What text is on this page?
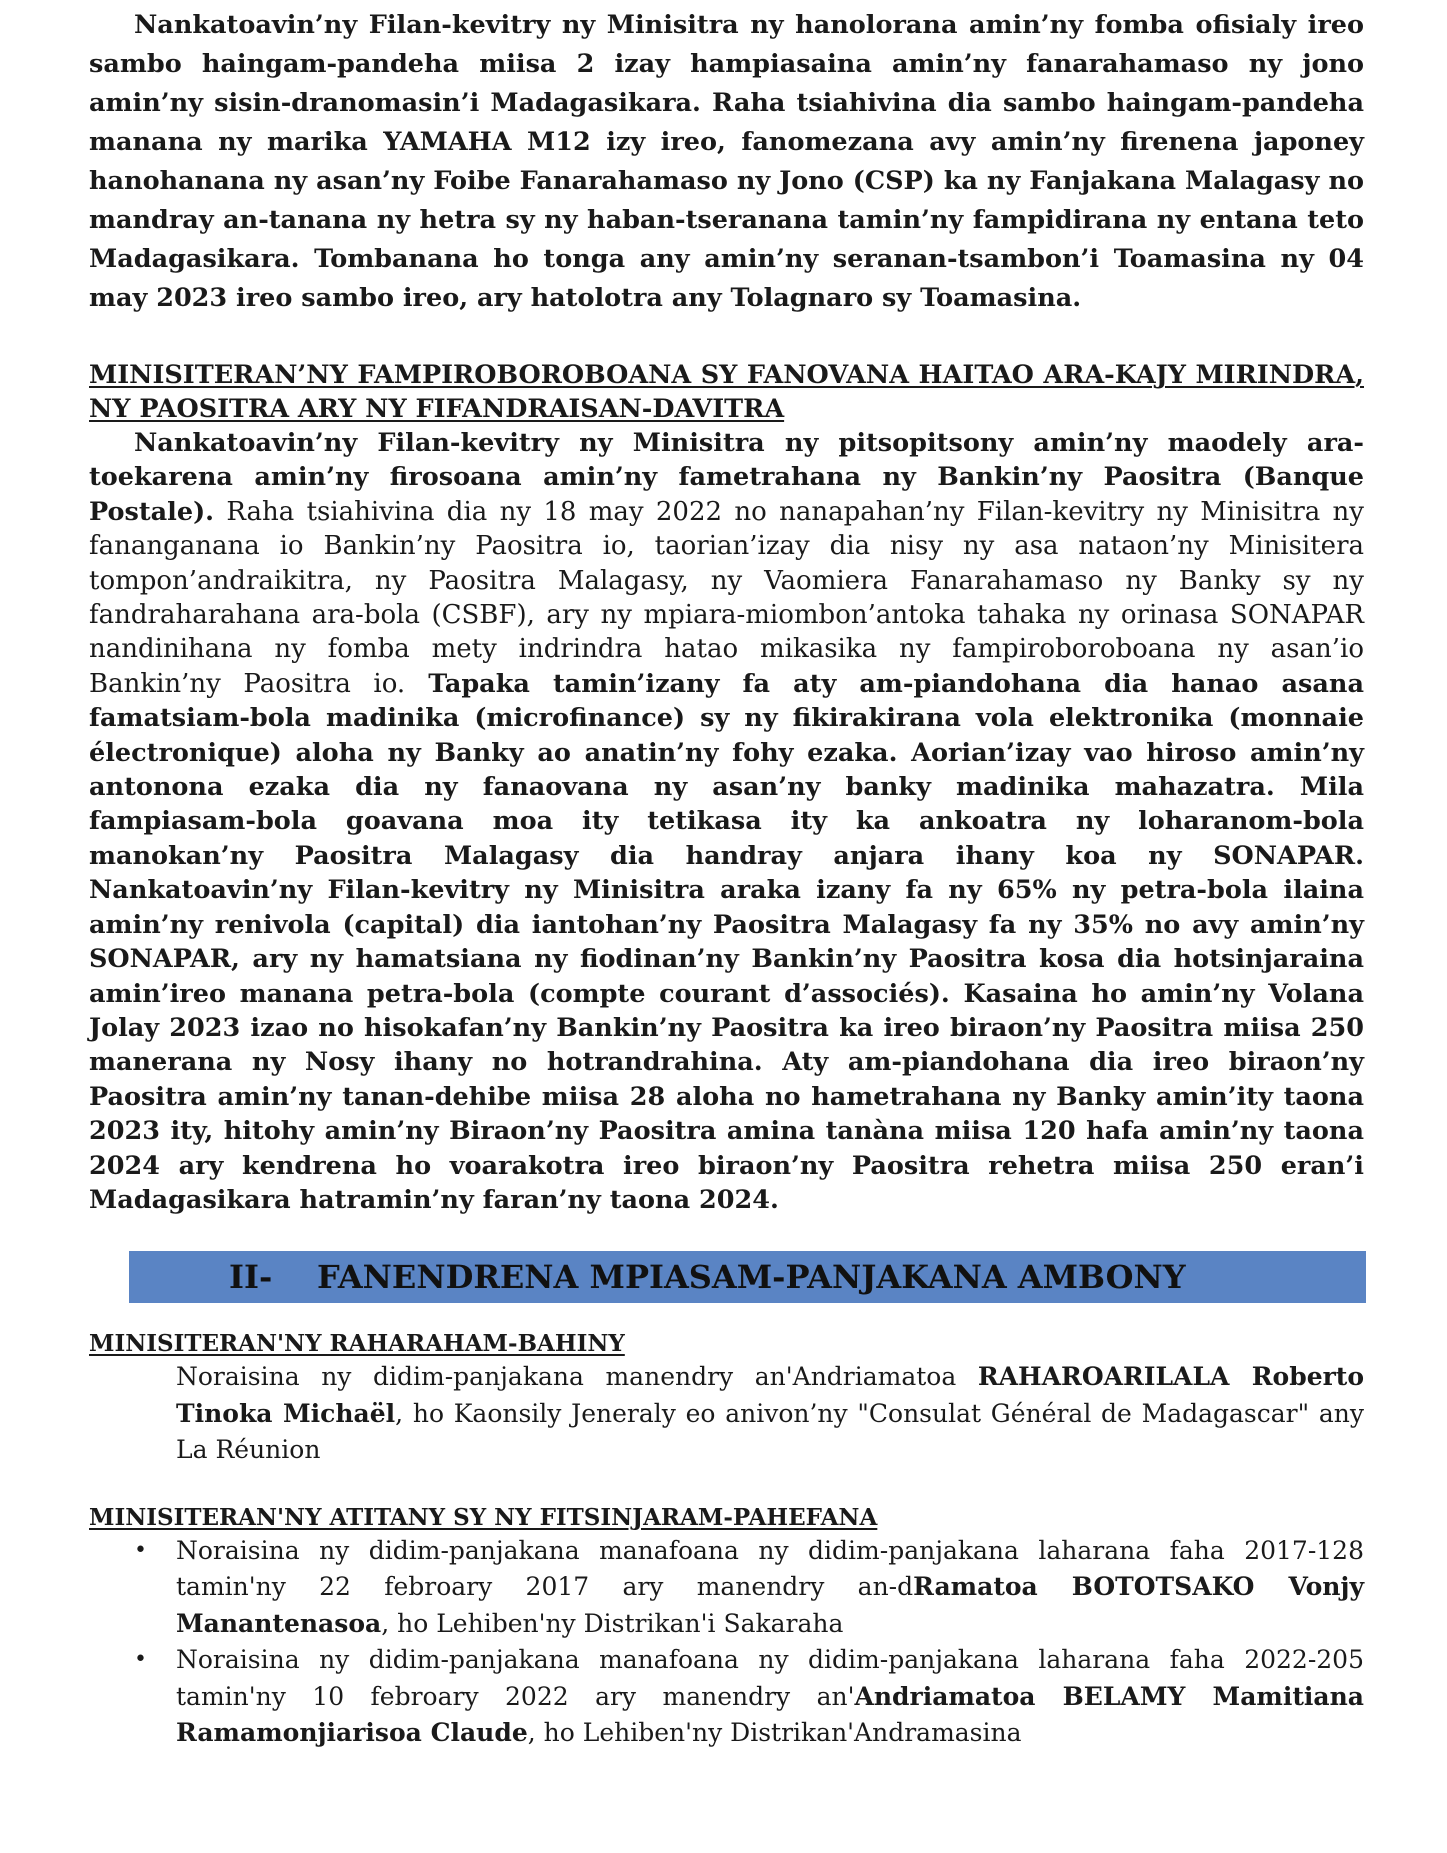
Nankatoavin’ny Filan-kevitry ny Minisitra ny hanolorana amin’ny fomba ofisialy ireo sambo haingam-pandeha miisa 2 izay hampiasaina amin’ny fanarahamaso ny jono amin’ny sisin-dranomasin’i Madagasikara. Raha tsiahivina dia sambo haingam-pandeha manana ny marika YAMAHA M12 izy ireo, fanomezana avy amin’ny firenena japoney hanohanana ny asan’ny Foibe Fanarahamaso ny Jono (CSP) ka ny Fanjakana Malagasy no mandray an-tanana ny hetra sy ny haban-tseranana tamin’ny fampidirana ny entana teto Madagasikara. Tombanana ho tonga any amin’ny seranan-tsambon’i Toamasina ny 04 may 2023 ireo sambo ireo, ary hatolotra any Tolagnaro sy Toamasina.

MINISITERAN’NY FAMPIROBOROBOANA SY FANOVANA HAITAO ARA-KAJY MIRINDRA, NY PAOSITRA ARY NY FIFANDRAISAN-DAVITRA

Nankatoavin’ny Filan-kevitry ny Minisitra ny pitsopitsony amin’ny maodely ara-toekarena amin’ny firosoana amin’ny fametrahana ny Bankin’ny Paositra (Banque Postale). Raha tsiahivina dia ny 18 may 2022 no nanapahan’ny Filan-kevitry ny Minisitra ny fananganana io Bankin’ny Paositra io, taorian’izay dia nisy ny asa nataon’ny Minisitera tompon’andraikitra, ny Paositra Malagasy, ny Vaomiera Fanarahamaso ny Banky sy ny fandraharahana ara-bola (CSBF), ary ny mpiara-miombon’antoka tahaka ny orinasa SONAPAR nandinihana ny fomba mety indrindra hatao mikasika ny fampiroboroboana ny asan’io Bankin’ny Paositra io. Tapaka tamin’izany fa aty am-piandohana dia hanao asana famatsiam-bola madinika (microfinance) sy ny fikirakirana vola elektronika (monnaie électronique) aloha ny Banky ao anatin’ny fohy ezaka. Aorian’izay vao hiroso amin’ny antonona ezaka dia ny fanaovana ny asan’ny banky madinika mahazatra. Mila fampiasam-bola goavana moa ity tetikasa ity ka ankoatra ny loharanom-bola manokan’ny Paositra Malagasy dia handray anjara ihany koa ny SONAPAR. Nankatoavin’ny Filan-kevitry ny Minisitra araka izany fa ny 65% ny petra-bola ilaina amin’ny renivola (capital) dia iantohan’ny Paositra Malagasy fa ny 35% no avy amin’ny SONAPAR, ary ny hamatsiana ny fiodinan’ny Bankin’ny Paositra kosa dia hotsinjaraina amin’ireo manana petra-bola (compte courant d’associés). Kasaina ho amin’ny Volana Jolay 2023 izao no hisokafan’ny Bankin’ny Paositra ka ireo biraon’ny Paositra miisa 250 manerana ny Nosy ihany no hotrandrahina. Aty am-piandohana dia ireo biraon’ny Paositra amin’ny tanan-dehibe miisa 28 aloha no hametrahana ny Banky amin’ity taona 2023 ity, hitohy amin’ny Biraon’ny Paositra amina tanàna miisa 120 hafa amin’ny taona 2024 ary kendrena ho voarakotra ireo biraon’ny Paositra rehetra miisa 250 eran’i Madagasikara hatramin’ny faran’ny taona 2024.

II- FANENDRENA MPIASAM-PANJAKANA AMBONY
MINISITERAN'NY RAHARAHAM-BAHINY

Noraisina ny didim-panjakana manendry an'Andriamatoa RAHAROARILALA Roberto Tinoka Michaël, ho Kaonsily Jeneraly eo anivon’ny "Consulat Général de Madagascar" any La Réunion

MINISITERAN'NY ATITANY SY NY FITSINJARAM-PAHEFANA
• Noraisina ny didim-panjakana manafoana ny didim-panjakana laharana faha 2017-128 tamin'ny 22 febroary 2017 ary manendry an-dRamatoa BOTOTSAKO Vonjy Manantenasoa, ho Lehiben'ny Distrikan'i Sakaraha
• Noraisina ny didim-panjakana manafoana ny didim-panjakana laharana faha 2022-205 tamin'ny 10 febroary 2022 ary manendry an'Andriamatoa BELAMY Mamitiana Ramamonjiarisoa Claude, ho Lehiben'ny Distrikan'Andramasina
